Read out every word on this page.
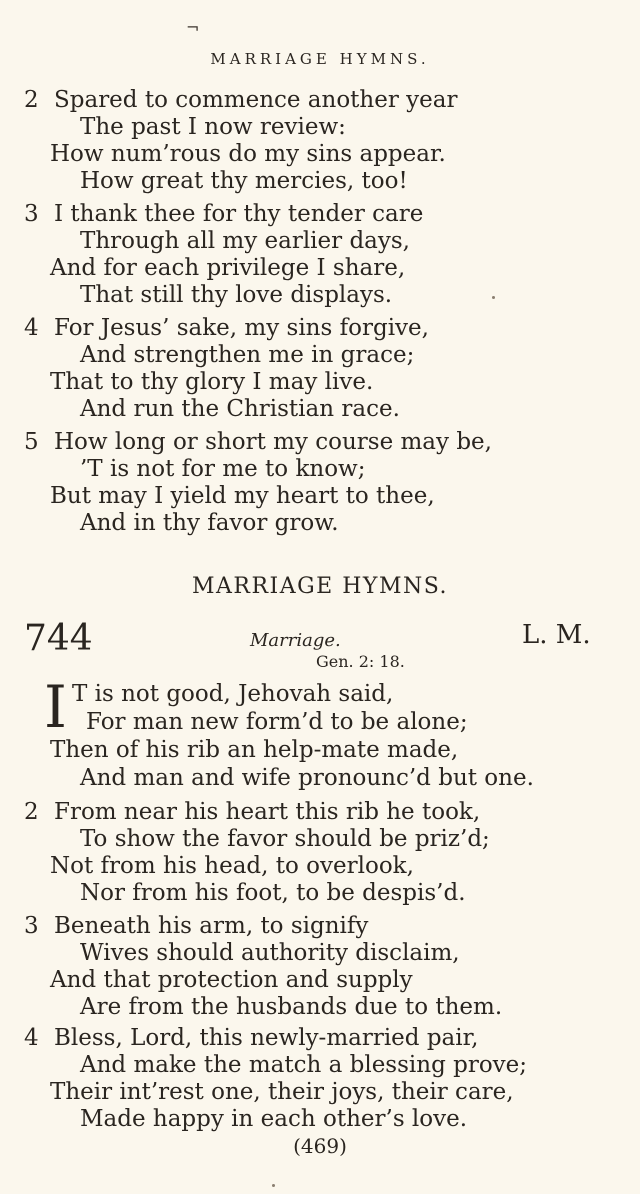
¬
MARRIAGE HYMNS.
2 Spared to commence another year
The past I now review:
How num’rous do my sins appear.
How great thy mercies, too!
3 I thank thee for thy tender care
Through all my earlier days,
And for each privilege I share,
That still thy love displays.
4 For Jesus’ sake, my sins forgive,
And strengthen me in grace;
That to thy glory I may live.
And run the Christian race.
5 How long or short my course may be,
’T is not for me to know;
But may I yield my heart to thee,
And in thy favor grow.
MARRIAGE HYMNS.
744	Marriage.	L. M.
Gen. 2: 18.
I T is not good, Jehovah said,
For man new form’d to be alone;
Then of his rib an help-mate made,
And man and wife pronounc’d but one.
2 From near his heart this rib he took,
To show the favor should be priz’d;
Not from his head, to overlook,
Nor from his foot, to be despis’d.
3 Beneath his arm, to signify
Wives should authority disclaim,
And that protection and supply
Are from the husbands due to them.
4 Bless, Lord, this newly-married pair,
And make the match a blessing prove;
Their int’rest one, their joys, their care,
Made happy in each other’s love.
(469)
